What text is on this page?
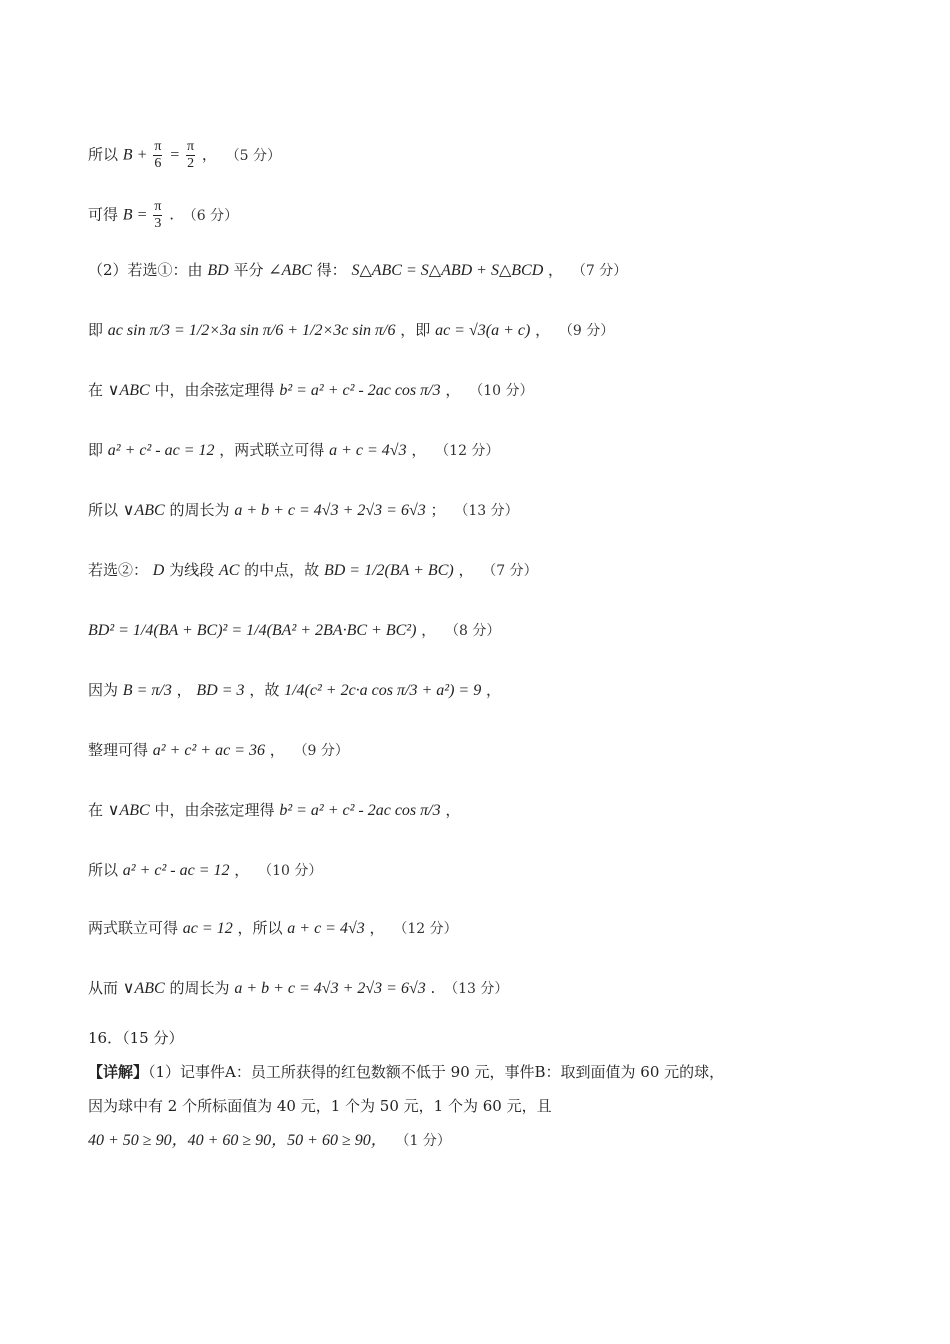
所以 $B + \frac{\pi}{6} = \frac{\pi}{2}$ ， （5 分）
可得 $B = \frac{\pi}{3}$ . （6 分）
（2）若选①：由 BD 平分 ∠ABC 得： S△ABC = S△ABD + S△BCD ， （7 分）
即 ac sin π/3 = 1/2×3a sin π/6 + 1/2×3c sin π/6 ，即 ac = √3(a + c) ， （9 分）
在 ∨ABC 中，由余弦定理得 b² = a² + c² - 2ac cos π/3 ， （10 分）
即 a² + c² - ac = 12 ，两式联立可得 a + c = 4√3 ， （12 分）
所以 ∨ABC 的周长为 a + b + c = 4√3 + 2√3 = 6√3 ； （13 分）
若选②： D 为线段 AC 的中点，故 BD = 1/2(BA + BC) ， （7 分）
BD² = 1/4(BA + BC)² = 1/4(BA² + 2BA·BC + BC²) ， （8 分）
因为 B = π/3 ， BD = 3 ，故 1/4(c² + 2c·a cos π/3 + a²) = 9 ，
整理可得 a² + c² + ac = 36 ， （9 分）
在 ∨ABC 中，由余弦定理得 b² = a² + c² - 2ac cos π/3 ，
所以 a² + c² - ac = 12 ， （10 分）
两式联立可得 ac = 12 ，所以 a + c = 4√3 ， （12 分）
从而 ∨ABC 的周长为 a + b + c = 4√3 + 2√3 = 6√3 . （13 分）
16．（15 分）
【详解】（1）记事件A：员工所获得的红包数额不低于 90 元，事件B：取到面值为 60 元的球，
因为球中有 2 个所标面值为 40 元，1 个为 50 元，1 个为 60 元，且
40 + 50 ≥ 90，40 + 60 ≥ 90，50 + 60 ≥ 90， （1 分）
